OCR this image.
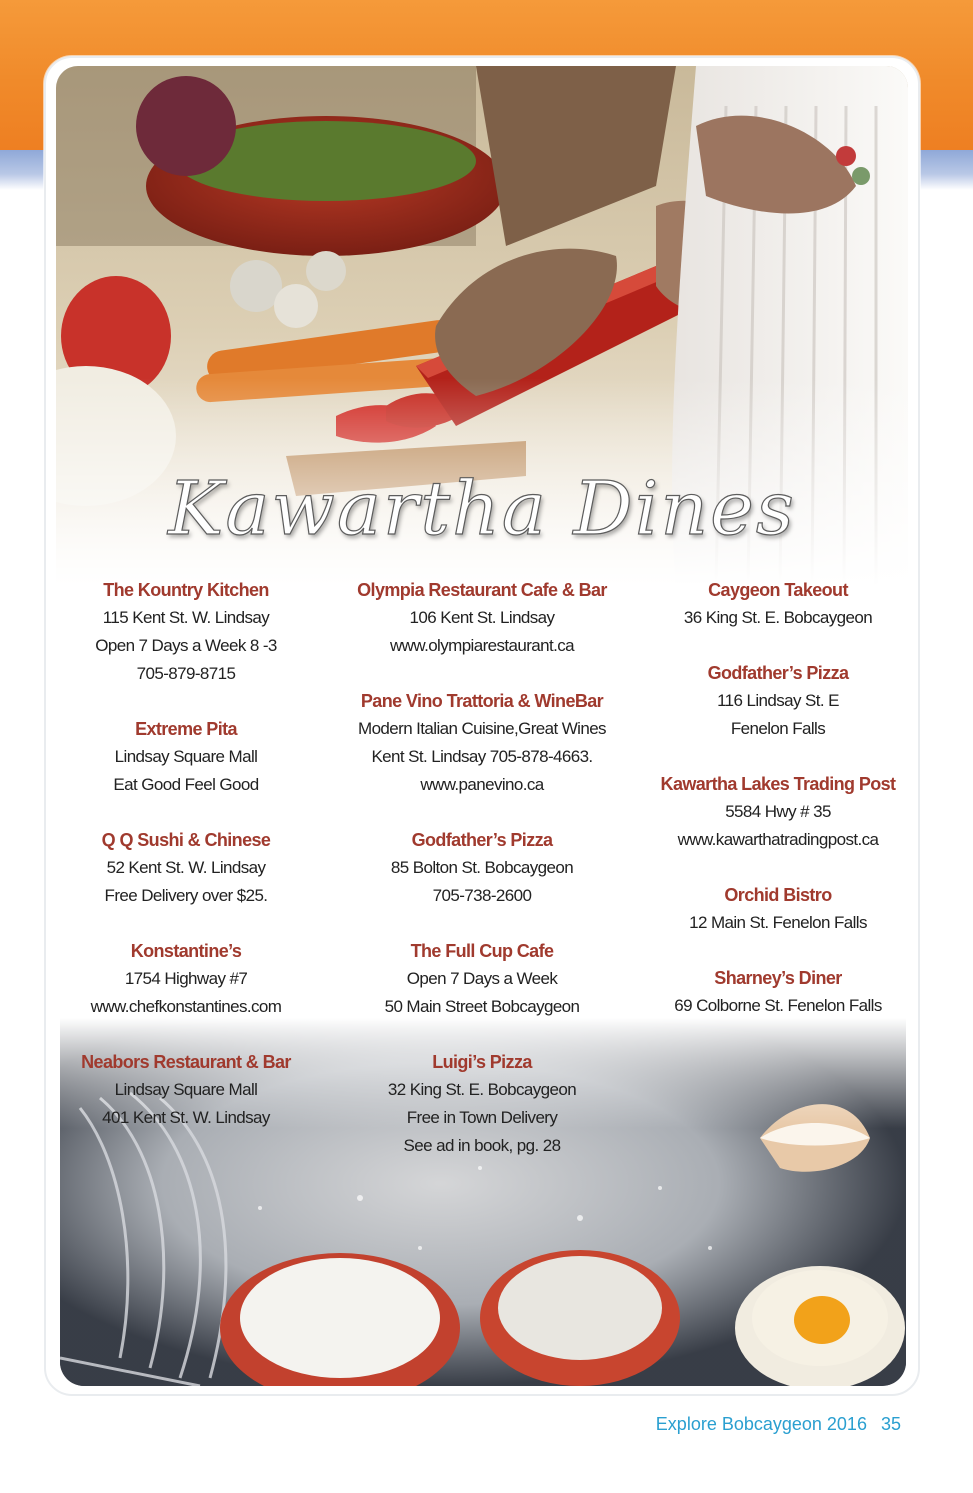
Kawartha Dines
The Kountry Kitchen
115 Kent St. W. Lindsay
Open 7 Days a Week 8 -3
705-879-8715
Extreme Pita
Lindsay Square Mall
Eat Good Feel Good
Q Q Sushi & Chinese
52 Kent St. W. Lindsay
Free Delivery over $25.
Konstantine’s
1754 Highway #7
www.chefkonstantines.com
Neabors Restaurant & Bar
Lindsay Square Mall
401 Kent St. W. Lindsay
Olympia Restaurant Cafe & Bar
106 Kent St. Lindsay
www.olympiarestaurant.ca
Pane Vino Trattoria & WineBar
Modern Italian Cuisine,Great Wines
Kent St. Lindsay 705-878-4663.
www.panevino.ca
Godfather’s Pizza
85 Bolton St. Bobcaygeon
705-738-2600
The Full Cup Cafe
Open 7 Days a Week
50 Main Street Bobcaygeon
Luigi’s Pizza
32 King St. E. Bobcaygeon
Free in Town Delivery
See ad in book, pg. 28
Caygeon Takeout
36 King St. E. Bobcaygeon
Godfather’s Pizza
116 Lindsay St. E
Fenelon Falls
Kawartha Lakes Trading Post
5584 Hwy # 35
www.kawarthatradingpost.ca
Orchid Bistro
12 Main St. Fenelon Falls
Sharney’s Diner
69 Colborne St. Fenelon Falls
Explore Bobcaygeon 2016 35
